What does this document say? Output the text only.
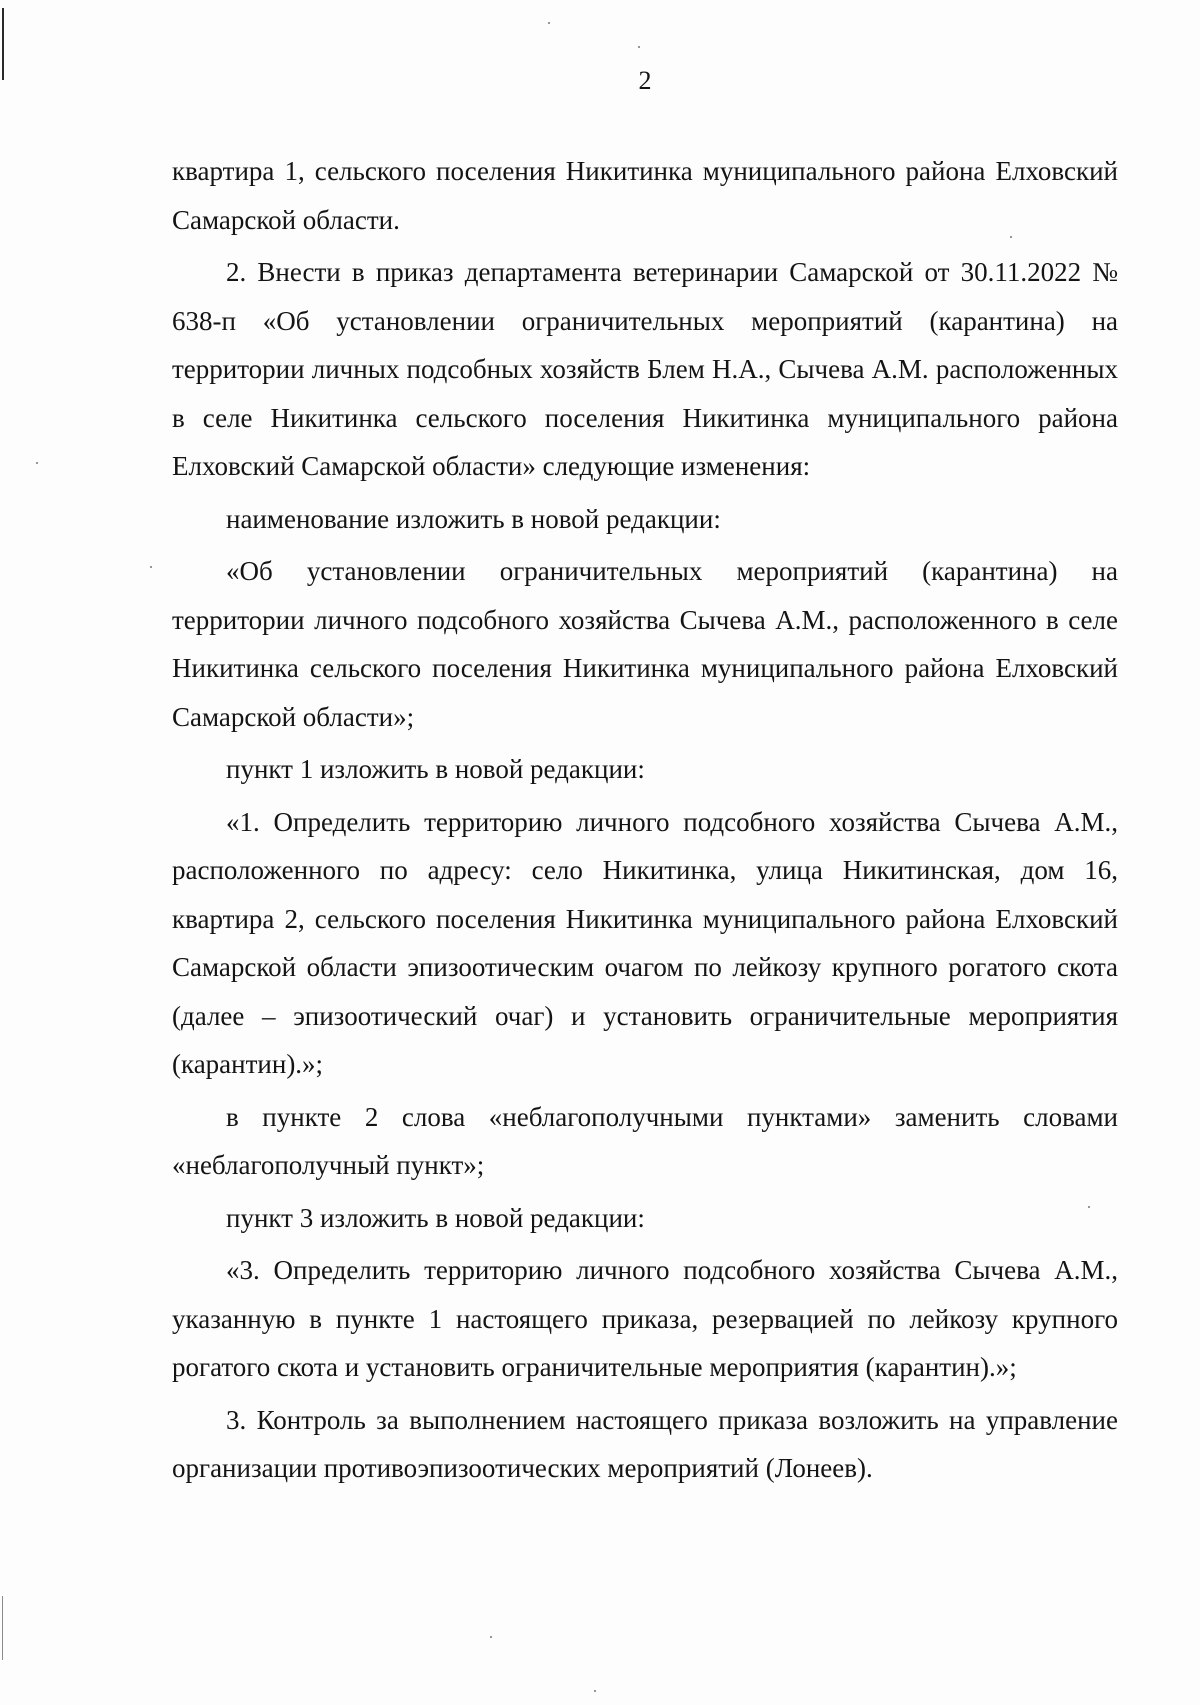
2

квартира 1, сельского поселения Никитинка муниципального района Елховский Самарской области.

2. Внести в приказ департамента ветеринарии Самарской от 30.11.2022 № 638-п «Об установлении ограничительных мероприятий (карантина) на территории личных подсобных хозяйств Блем Н.А., Сычева А.М. расположенных в селе Никитинка сельского поселения Никитинка муниципального района Елховский Самарской области» следующие изменения:

наименование изложить в новой редакции:

«Об установлении ограничительных мероприятий (карантина) на территории личного подсобного хозяйства Сычева А.М., расположенного в селе Никитинка сельского поселения Никитинка муниципального района Елховский Самарской области»;

пункт 1 изложить в новой редакции:

«1. Определить территорию личного подсобного хозяйства Сычева А.М., расположенного по адресу: село Никитинка, улица Никитинская, дом 16, квартира 2, сельского поселения Никитинка муниципального района Елховский Самарской области эпизоотическим очагом по лейкозу крупного рогатого скота (далее – эпизоотический очаг) и установить ограничительные мероприятия (карантин).»;

в пункте 2 слова «неблагополучными пунктами» заменить словами «неблагополучный пункт»;

пункт 3 изложить в новой редакции:

«3. Определить территорию личного подсобного хозяйства Сычева А.М., указанную в пункте 1 настоящего приказа, резервацией по лейкозу крупного рогатого скота и установить ограничительные мероприятия (карантин).»;

3. Контроль за выполнением настоящего приказа возложить на управление организации противоэпизоотических мероприятий (Лонеев).
